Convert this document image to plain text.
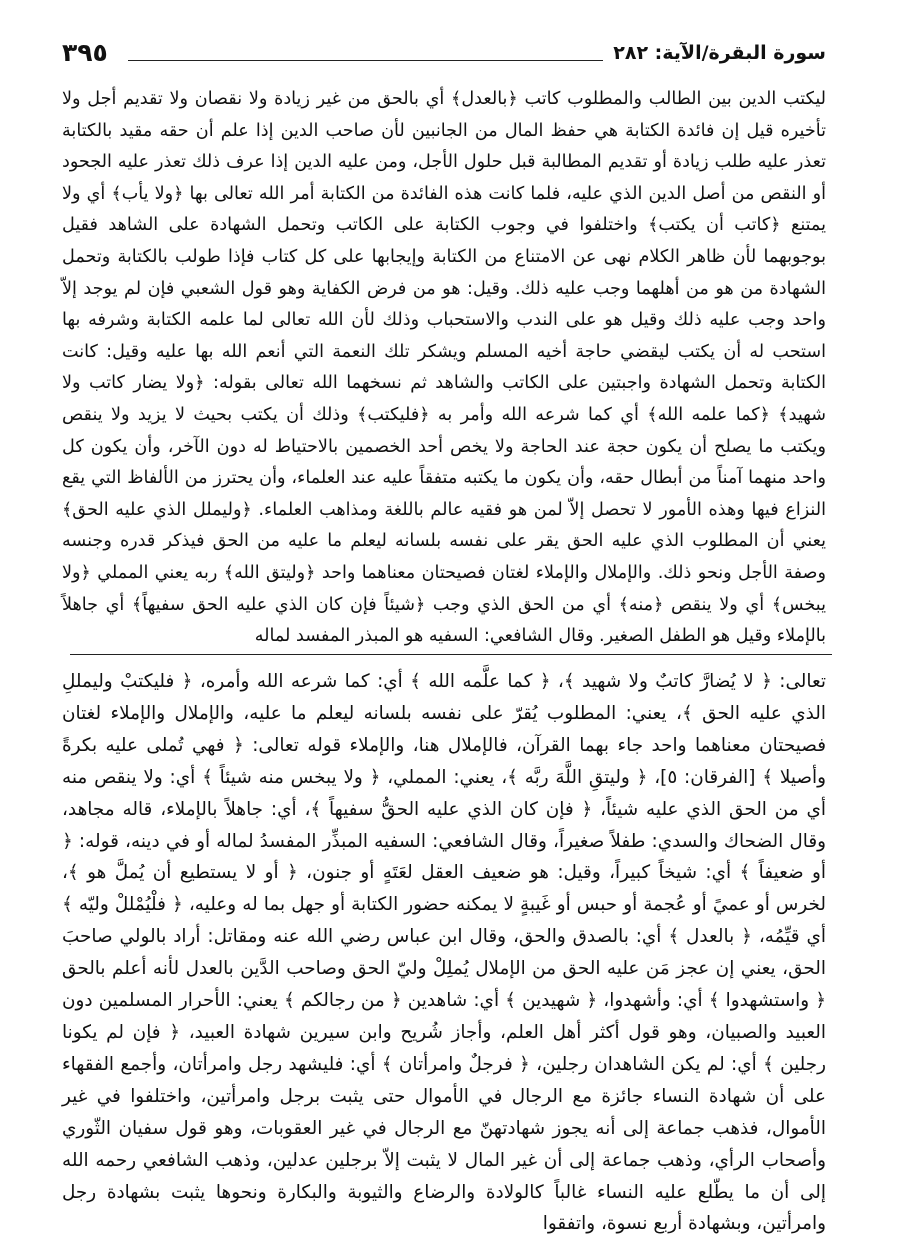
٣٩٥	سورة البقرة/الآية: ٢٨٢

ليكتب الدين بين الطالب والمطلوب كاتب ﴿بالعدل﴾ أي بالحق من غير زيادة ولا نقصان ولا تقديم أجل ولا تأخيره قيل إن فائدة الكتابة هي حفظ المال من الجانبين لأن صاحب الدين إذا علم أن حقه مقيد بالكتابة تعذر عليه طلب زيادة أو تقديم المطالبة قبل حلول الأجل، ومن عليه الدين إذا عرف ذلك تعذر عليه الجحود أو النقص من أصل الدين الذي عليه، فلما كانت هذه الفائدة من الكتابة أمر الله تعالى بها ﴿ولا يأب﴾ أي ولا يمتنع ﴿كاتب أن يكتب﴾ واختلفوا في وجوب الكتابة على الكاتب وتحمل الشهادة على الشاهد فقيل بوجوبهما لأن ظاهر الكلام نهى عن الامتناع من الكتابة وإيجابها على كل كتاب فإذا طولب بالكتابة وتحمل الشهادة من هو من أهلهما وجب عليه ذلك. وقيل: هو من فرض الكفاية وهو قول الشعبي فإن لم يوجد إلاّ واحد وجب عليه ذلك وقيل هو على الندب والاستحباب وذلك لأن الله تعالى لما علمه الكتابة وشرفه بها استحب له أن يكتب ليقضي حاجة أخيه المسلم ويشكر تلك النعمة التي أنعم الله بها عليه وقيل: كانت الكتابة وتحمل الشهادة واجبتين على الكاتب والشاهد ثم نسخهما الله تعالى بقوله: ﴿ولا يضار كاتب ولا شهيد﴾ ﴿كما علمه الله﴾ أي كما شرعه الله وأمر به ﴿فليكتب﴾ وذلك أن يكتب بحيث لا يزيد ولا ينقص ويكتب ما يصلح أن يكون حجة عند الحاجة ولا يخص أحد الخصمين بالاحتياط له دون الآخر، وأن يكون كل واحد منهما آمناً من أبطال حقه، وأن يكون ما يكتبه متفقاً عليه عند العلماء، وأن يحترز من الألفاظ التي يقع النزاع فيها وهذه الأمور لا تحصل إلاّ لمن هو فقيه عالم باللغة ومذاهب العلماء. ﴿وليملل الذي عليه الحق﴾ يعني أن المطلوب الذي عليه الحق يقر على نفسه بلسانه ليعلم ما عليه من الحق فيذكر قدره وجنسه وصفة الأجل ونحو ذلك. والإملال والإملاء لغتان فصيحتان معناهما واحد ﴿وليتق الله﴾ ربه يعني المملي ﴿ولا يبخس﴾ أي ولا ينقص ﴿منه﴾ أي من الحق الذي وجب ﴿شيئاً فإن كان الذي عليه الحق سفيهاً﴾ أي جاهلاً بالإملاء وقيل هو الطفل الصغير. وقال الشافعي: السفيه هو المبذر المفسد لماله

تعالى: ﴿ لا يُضارَّ كاتبٌ ولا شهيد ﴾، ﴿ كما علَّمه الله ﴾ أي: كما شرعه الله وأمره، ﴿ فليكتبْ وليمللِ الذي عليه الحق ﴾، يعني: المطلوب يُقرّ على نفسه بلسانه ليعلم ما عليه، والإملال والإملاء لغتان فصيحتان معناهما واحد جاء بهما القرآن، فالإملال هنا، والإملاء قوله تعالى: ﴿ فهي تُملى عليه بكرةً وأصيلا ﴾ [الفرقان: ٥]، ﴿ وليتقِ اللَّهَ ربَّه ﴾، يعني: المملي، ﴿ ولا يبخس منه شيئاً ﴾ أي: ولا ينقص منه أي من الحق الذي عليه شيئاً، ﴿ فإن كان الذي عليه الحقُّ سفيهاً ﴾، أي: جاهلاً بالإملاء، قاله مجاهد، وقال الضحاك والسدي: طفلاً صغيراً، وقال الشافعي: السفيه المبذِّر المفسدُ لماله أو في دينه، قوله: ﴿ أو ضعيفاً ﴾ أي: شيخاً كبيراً، وقيل: هو ضعيف العقل لعَتَهٍ أو جنون، ﴿ أو لا يستطيع أن يُملَّ هو ﴾، لخرس أو عميً أو عُجمة أو حبس أو غَيبةٍ لا يمكنه حضور الكتابة أو جهل بما له وعليه، ﴿ فلْيُمْللْ وليّه ﴾ أي قيِّمُه، ﴿ بالعدل ﴾ أي: بالصدق والحق، وقال ابن عباس رضي الله عنه ومقاتل: أراد بالولي صاحبَ الحق، يعني إن عجز مَن عليه الحق من الإملال يُملِلْ وليّ الحق وصاحب الدَّين بالعدل لأنه أعلم بالحق ﴿ واستشهدوا ﴾ أي: وأشهدوا، ﴿ شهيدين ﴾ أي: شاهدين ﴿ من رجالكم ﴾ يعني: الأحرار المسلمين دون العبيد والصبيان، وهو قول أكثر أهل العلم، وأجاز شُريح وابن سيرين شهادة العبيد، ﴿ فإن لم يكونا رجلين ﴾ أي: لم يكن الشاهدان رجلين، ﴿ فرجلٌ وامرأتان ﴾ أي: فليشهد رجل وامرأتان، وأجمع الفقهاء على أن شهادة النساء جائزة مع الرجال في الأموال حتى يثبت برجل وامرأتين، واختلفوا في غير الأموال، فذهب جماعة إلى أنه يجوز شهادتهنّ مع الرجال في غير العقوبات، وهو قول سفيان الثّوري وأصحاب الرأي، وذهب جماعة إلى أن غير المال لا يثبت إلاّ برجلين عدلين، وذهب الشافعي رحمه الله إلى أن ما يطّلع عليه النساء غالباً كالولادة والرضاع والثيوبة والبكارة ونحوها يثبت بشهادة رجل وامرأتين، وبشهادة أربع نسوة، واتفقوا
